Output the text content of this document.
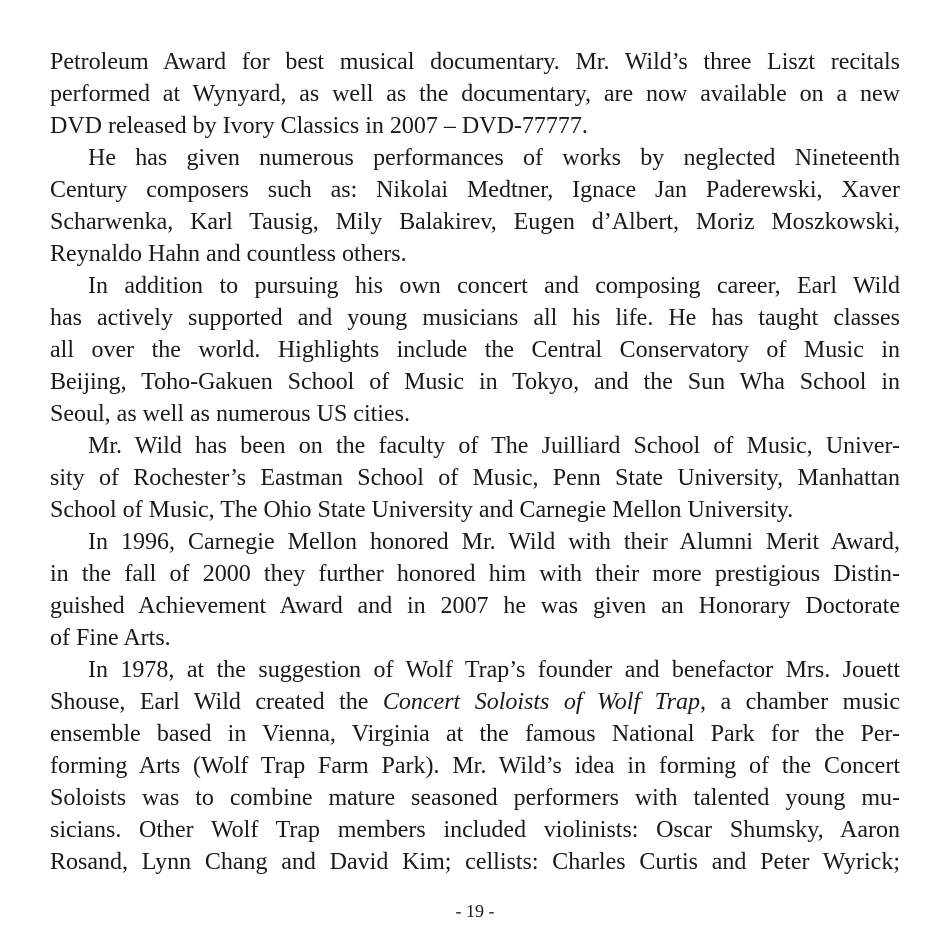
Petroleum Award for best musical documentary. Mr. Wild’s three Liszt recitals
performed at Wynyard, as well as the documentary, are now available on a new
DVD released by Ivory Classics in 2007 – DVD-77777.
He has given numerous performances of works by neglected Nineteenth
Century composers such as: Nikolai Medtner, Ignace Jan Paderewski, Xaver
Scharwenka, Karl Tausig, Mily Balakirev, Eugen d’Albert, Moriz Moszkowski,
Reynaldo Hahn and countless others.
In addition to pursuing his own concert and composing career, Earl Wild
has actively supported and young musicians all his life. He has taught classes
all over the world. Highlights include the Central Conservatory of Music in
Beijing, Toho-Gakuen School of Music in Tokyo, and the Sun Wha School in
Seoul, as well as numerous US cities.
Mr. Wild has been on the faculty of The Juilliard School of Music, Univer-
sity of Rochester’s Eastman School of Music, Penn State University, Manhattan
School of Music, The Ohio State University and Carnegie Mellon University.
In 1996, Carnegie Mellon honored Mr. Wild with their Alumni Merit Award,
in the fall of 2000 they further honored him with their more prestigious Distin-
guished Achievement Award and in 2007 he was given an Honorary Doctorate
of Fine Arts.
In 1978, at the suggestion of Wolf Trap’s founder and benefactor Mrs. Jouett
Shouse, Earl Wild created the Concert Soloists of Wolf Trap, a chamber music
ensemble based in Vienna, Virginia at the famous National Park for the Per-
forming Arts (Wolf Trap Farm Park). Mr. Wild’s idea in forming of the Concert
Soloists was to combine mature seasoned performers with talented young mu-
sicians. Other Wolf Trap members included violinists: Oscar Shumsky, Aaron
Rosand, Lynn Chang and David Kim; cellists: Charles Curtis and Peter Wyrick;
- 19 -
